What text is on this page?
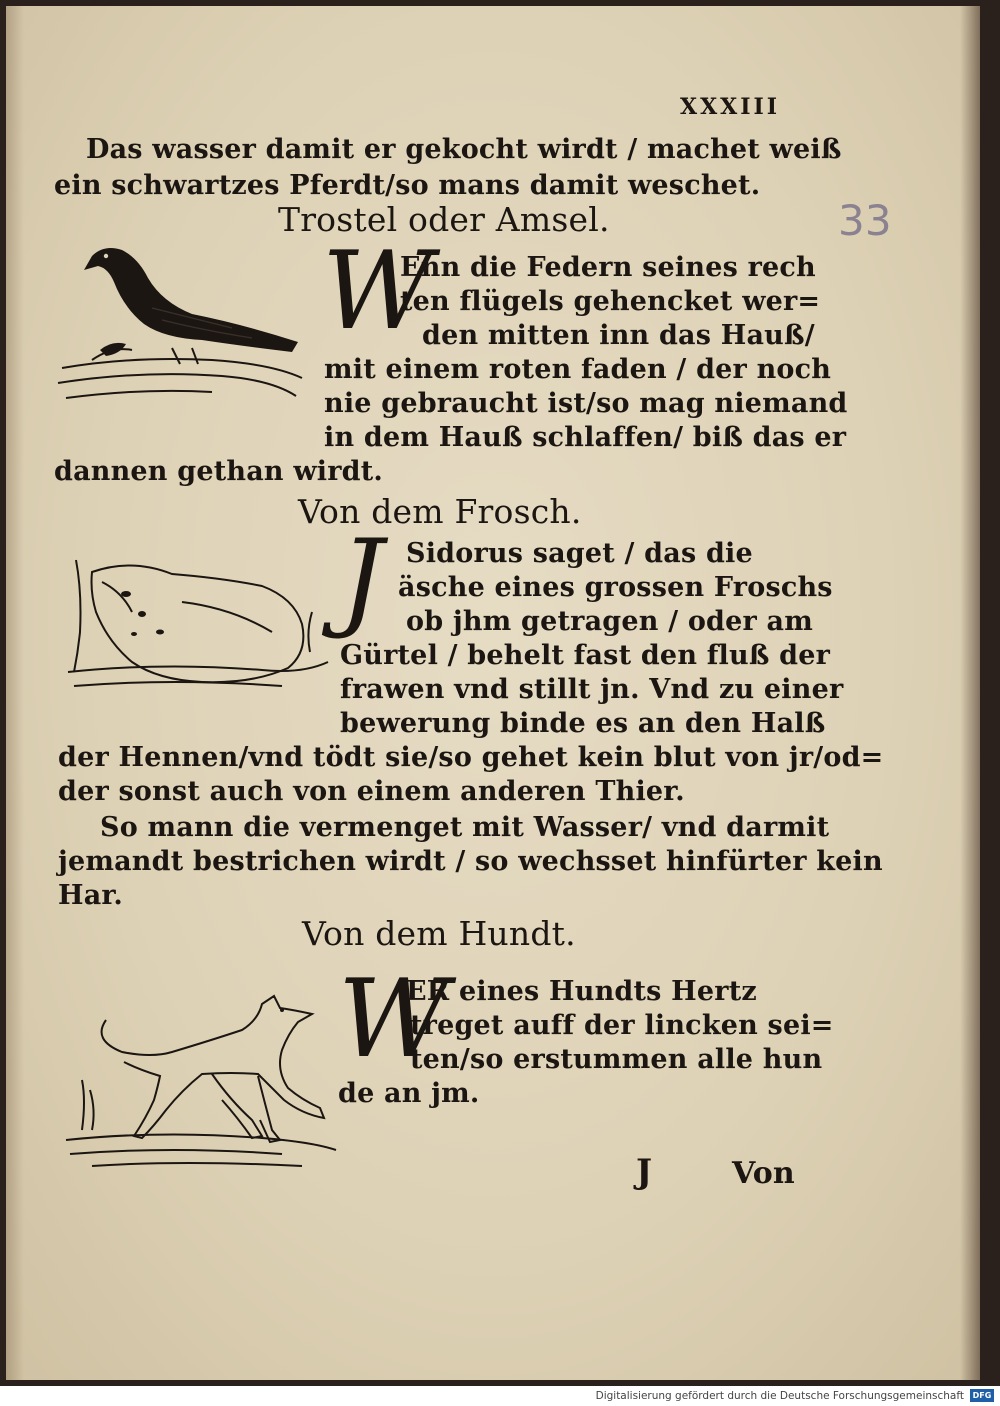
XXXIII
33
Das wasser damit er gekocht wirdt / machet weiß
ein schwartzes Pferdt/so mans damit weschet.
Trostel oder Amsel.
W
Enn die Federn seines rech
ten flügels gehencket wer=
den mitten inn das Hauß/
mit einem roten faden / der noch
nie gebraucht ist/so mag niemand
in dem Hauß schlaffen/ biß das er
dannen gethan wirdt.
Von dem Frosch.
J Sidorus saget / das die
äsche eines grossen Froschs
ob jhm getragen / oder am
Gürtel / behelt fast den fluß der
frawen vnd stillt jn. Vnd zu einer
bewerung binde es an den Halß
der Hennen/vnd tödt sie/so gehet kein blut von jr/od=
der sonst auch von einem anderen Thier.
So mann die vermenget mit Wasser/ vnd darmit
jemandt bestrichen wirdt / so wechsset hinfürter kein
Har.
Von dem Hundt.
W
ER eines Hundts Hertz
treget auff der lincken sei=
ten/so erstummen alle hun
de an jm.
J	Von
Digitalisierung gefördert durch die Deutsche Forschungsgemeinschaft	DFG
